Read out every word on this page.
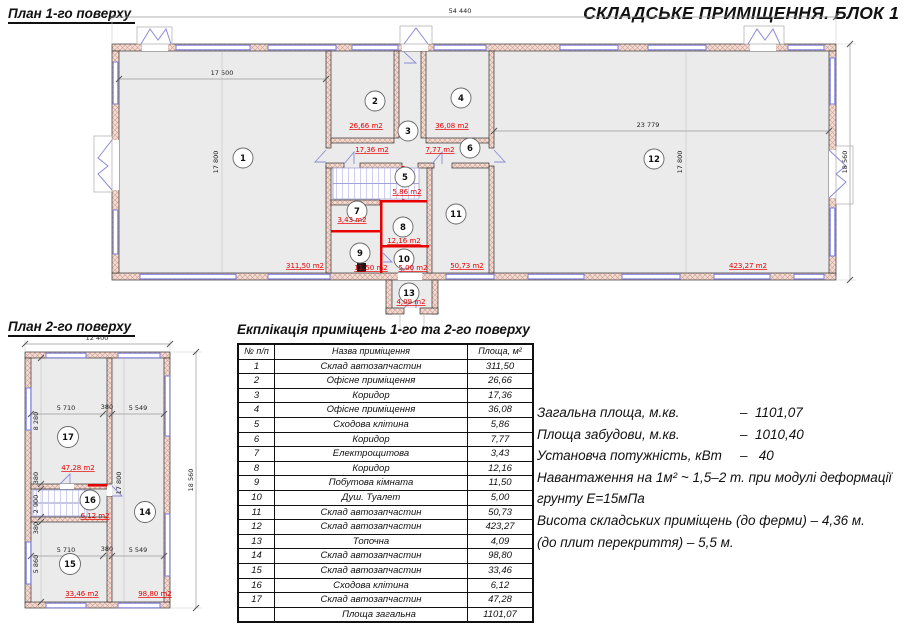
План 1-го поверху	СКЛАДСЬКЕ ПРИМІЩЕННЯ. БЛОК 1
54 440
17 500
23 779
17 800	17 800	18 560
1
2
3
4
5
6
7
8
9
10
11
12
13
311,50 m2
26,66 m2
17,36 m2
36,08 m2
5,86 m2
7,77 m2
3,43 m2
12,16 m2
11,50 m2 5,00 m2	50,73 m2	423,27 m2
4,09 m2
План 2-го поверху
12 400
18 560
5 710	380 5 549
5 710	380 5 549
8 280
380
2 900
380
5 860
17 800
17
16
15
14
47,28 m2
6,12 m2
33,46 m2	98,80 m2
Екплікація приміщень 1-го та 2-го поверху
№ п/п	Назва приміщення	Площа, м²
1	Склад автозапчастин	311,50
2	Офісне приміщення	26,66
3	Коридор	17,36
4	Офісне приміщення	36,08
5	Сходова клітина	5,86
6	Коридор	7,77
7	Електрощитова	3,43
8	Коридор	12,16
9	Побутова кімната	11,50
10	Душ. Туалет	5,00
11	Склад автозапчастин	50,73
12	Склад автозапчастин	423,27
13	Топочна	4,09
14	Склад автозапчастин	98,80
15	Склад автозапчастин	33,46
16	Сходова клітина	6,12
17	Склад автозапчастин	47,28
	Площа загальна	1101,07
Загальна площа, м.кв.	–  1101,07
Площа забудови, м.кв.	–  1010,40
Установча потужність, кВт	–   40
Навантаження на 1м² ~ 1,5–2 т. при модулі деформації
грунту Е=15мПа
Висота складських приміщень (до ферми) – 4,36 м.
(до плит перекриття) – 5,5 м.
